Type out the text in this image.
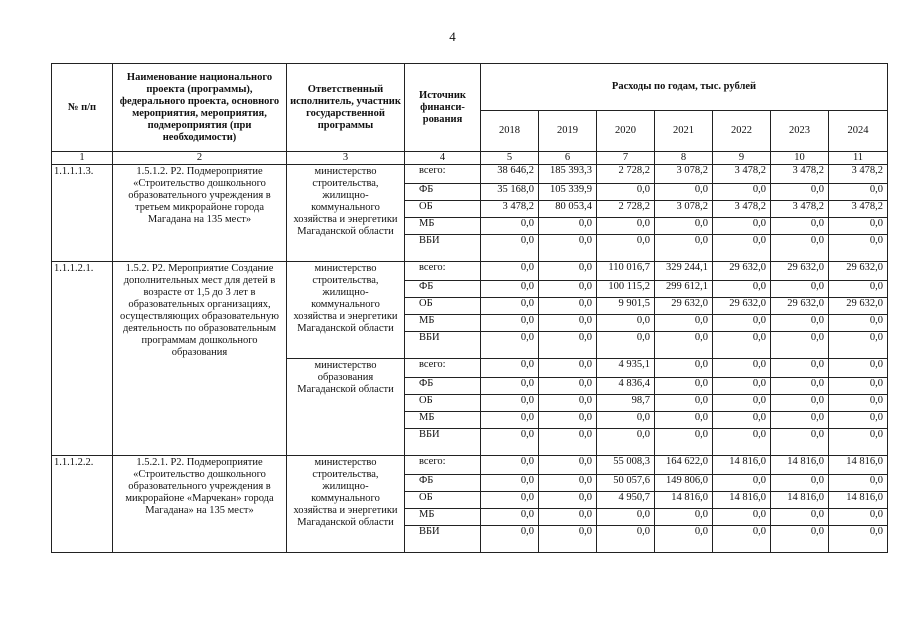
4
№ п/п	Наименование национального проекта (программы), федерального проекта, основного мероприятия, мероприятия, подмероприятия (при необходимости)	Ответственный исполнитель, участник государственной программы	Источник финанси-рования	Расходы по годам, тыс. рублей						
				2018	2019	2020	2021	2022	2023	2024
1	2	3	4	5	6	7	8	9	10	11
1.1.1.1.3.	1.5.1.2. Р2. Подмероприятие «Строительство дошкольного образовательного учреждения в третьем микрорайоне города Магадана на 135 мест»	министерство строительства, жилищно-коммунального хозяйства и энергетики Магаданской области	всего:	38 646,2	185 393,3	2 728,2	3 078,2	3 478,2	3 478,2	3 478,2
			ФБ	35 168,0	105 339,9	0,0	0,0	0,0	0,0	0,0
			ОБ	3 478,2	80 053,4	2 728,2	3 078,2	3 478,2	3 478,2	3 478,2
			МБ	0,0	0,0	0,0	0,0	0,0	0,0	0,0
			ВБИ	0,0	0,0	0,0	0,0	0,0	0,0	0,0
1.1.1.2.1.	1.5.2. Р2. Мероприятие Создание дополнительных мест для детей в возрасте от 1,5 до 3 лет в образовательных организациях, осуществляющих образовательную деятельность по образовательным программам дошкольного образования	министерство строительства, жилищно-коммунального хозяйства и энергетики Магаданской области	всего:	0,0	0,0	110 016,7	329 244,1	29 632,0	29 632,0	29 632,0
			ФБ	0,0	0,0	100 115,2	299 612,1	0,0	0,0	0,0
			ОБ	0,0	0,0	9 901,5	29 632,0	29 632,0	29 632,0	29 632,0
			МБ	0,0	0,0	0,0	0,0	0,0	0,0	0,0
			ВБИ	0,0	0,0	0,0	0,0	0,0	0,0	0,0
		министерство образования Магаданской области	всего:	0,0	0,0	4 935,1	0,0	0,0	0,0	0,0
			ФБ	0,0	0,0	4 836,4	0,0	0,0	0,0	0,0
			ОБ	0,0	0,0	98,7	0,0	0,0	0,0	0,0
			МБ	0,0	0,0	0,0	0,0	0,0	0,0	0,0
			ВБИ	0,0	0,0	0,0	0,0	0,0	0,0	0,0
1.1.1.2.2.	1.5.2.1. Р2. Подмероприятие «Строительство дошкольного образовательного учреждения в микрорайоне «Марчекан» города Магадана» на 135 мест»	министерство строительства, жилищно-коммунального хозяйства и энергетики Магаданской области	всего:	0,0	0,0	55 008,3	164 622,0	14 816,0	14 816,0	14 816,0
			ФБ	0,0	0,0	50 057,6	149 806,0	0,0	0,0	0,0
			ОБ	0,0	0,0	4 950,7	14 816,0	14 816,0	14 816,0	14 816,0
			МБ	0,0	0,0	0,0	0,0	0,0	0,0	0,0
			ВБИ	0,0	0,0	0,0	0,0	0,0	0,0	0,0
